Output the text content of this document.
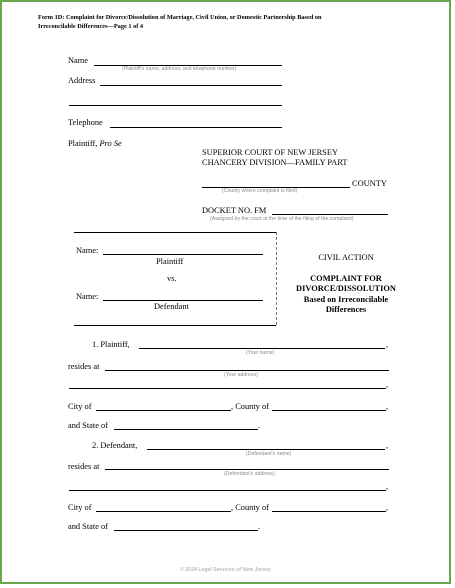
Form 1D: Complaint for Divorce/Dissolution of Marriage, Civil Union, or Domestic Partnership Based on
Irreconcilable Differences—Page 1 of 4
Name
(Plaintiff's name, address, and telephone number)
Address
Telephone
Plaintiff, Pro Se
SUPERIOR COURT OF NEW JERSEY
CHANCERY DIVISION—FAMILY PART
COUNTY
(County where complaint is filed)
DOCKET NO. FM
(Assigned by the court at the time of the filing of the complaint)
Name:
Plaintiff
vs.
Name:
Defendant
CIVIL ACTION
COMPLAINT FOR
DIVORCE/DISSOLUTION
Based on Irreconcilable
Differences
1. Plaintiff,	,
(Your name)
resides at
(Your address)
,
City of	, County of	,
and State of	.
2. Defendant,	,
(Defendant's name)
resides at
(Defendant's address)
,
City of	, County of	,
and State of	.
© 2024 Legal Services of New Jersey
